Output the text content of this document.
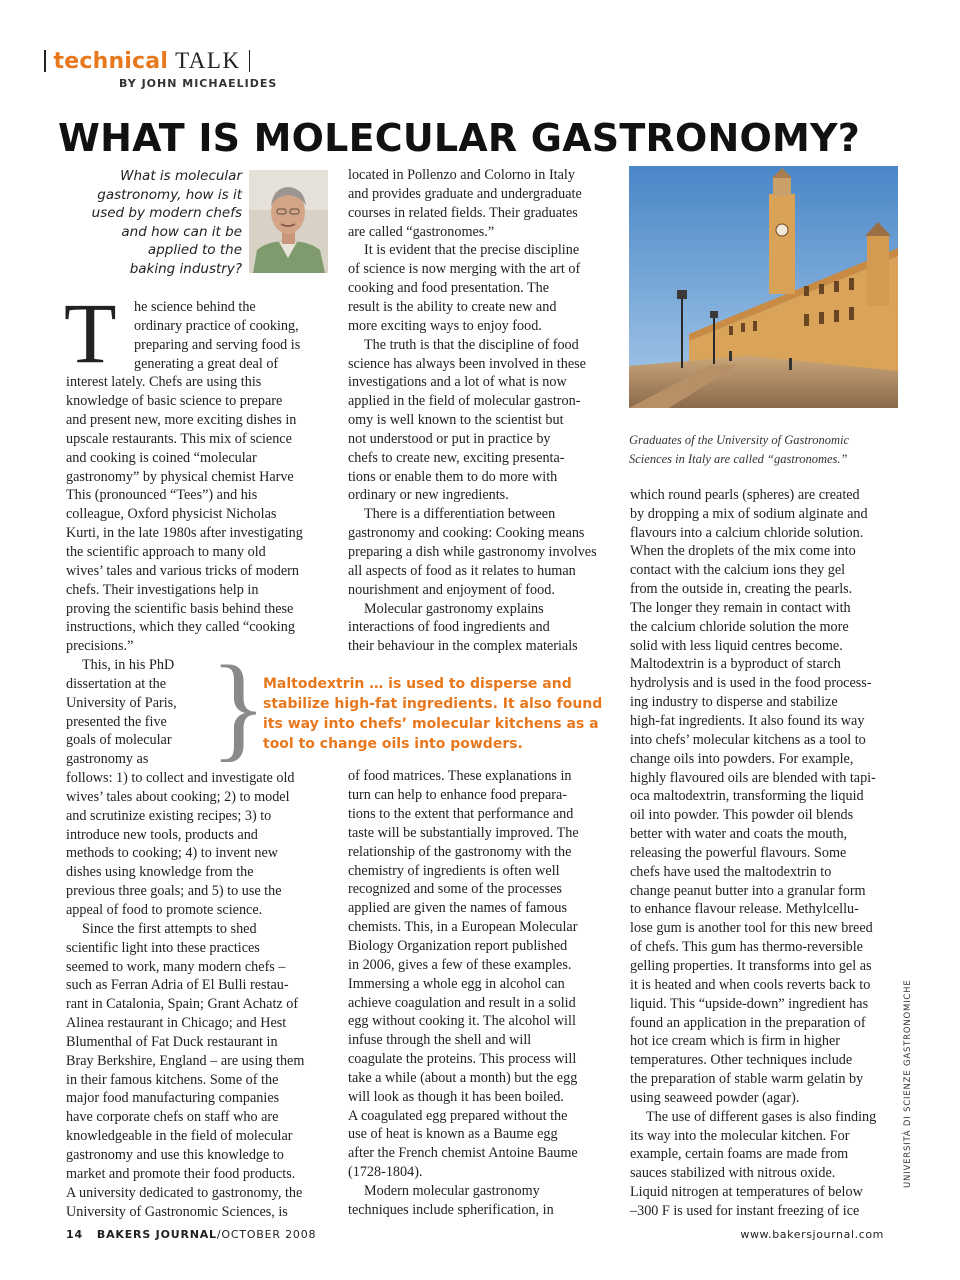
technical TALK
BY JOHN MICHAELIDES
WHAT IS MOLECULAR GASTRONOMY?
What is molecular
gastronomy, how is it
used by modern chefs
and how can it be
applied to the
baking industry?
T he science behind the
ordinary practice of cooking,
preparing and serving food is
generating a great deal of
interest lately. Chefs are using this
knowledge of basic science to prepare
and present new, more exciting dishes in
upscale restaurants. This mix of science
and cooking is coined “molecular
gastronomy” by physical chemist Harve
This (pronounced “Tees”) and his
colleague, Oxford physicist Nicholas
Kurti, in the late 1980s after investigating
the scientific approach to many old
wives’ tales and various tricks of modern
chefs. Their investigations help in
proving the scientific basis behind these
instructions, which they called “cooking
precisions.”
This, in his PhD
dissertation at the
University of Paris,
presented the five
goals of molecular
gastronomy as
follows: 1) to collect and investigate old
wives’ tales about cooking; 2) to model
and scrutinize existing recipes; 3) to
introduce new tools, products and
methods to cooking; 4) to invent new
dishes using knowledge from the
previous three goals; and 5) to use the
appeal of food to promote science.
Since the first attempts to shed
scientific light into these practices
seemed to work, many modern chefs –
such as Ferran Adria of El Bulli restau-
rant in Catalonia, Spain; Grant Achatz of
Alinea restaurant in Chicago; and Hest
Blumenthal of Fat Duck restaurant in
Bray Berkshire, England – are using them
in their famous kitchens. Some of the
major food manufacturing companies
have corporate chefs on staff who are
knowledgeable in the field of molecular
gastronomy and use this knowledge to
market and promote their food products.
A university dedicated to gastronomy, the
University of Gastronomic Sciences, is
located in Pollenzo and Colorno in Italy
and provides graduate and undergraduate
courses in related fields. Their graduates
are called “gastronomes.”
It is evident that the precise discipline
of science is now merging with the art of
cooking and food presentation. The
result is the ability to create new and
more exciting ways to enjoy food.
The truth is that the discipline of food
science has always been involved in these
investigations and a lot of what is now
applied in the field of molecular gastron-
omy is well known to the scientist but
not understood or put in practice by
chefs to create new, exciting presenta-
tions or enable them to do more with
ordinary or new ingredients.
There is a differentiation between
gastronomy and cooking: Cooking means
preparing a dish while gastronomy involves
all aspects of food as it relates to human
nourishment and enjoyment of food.
Molecular gastronomy explains
interactions of food ingredients and
their behaviour in the complex materials
}
Maltodextrin … is used to disperse and
stabilize high-fat ingredients. It also found
its way into chefs’ molecular kitchens as a
tool to change oils into powders.
of food matrices. These explanations in
turn can help to enhance food prepara-
tions to the extent that performance and
taste will be substantially improved. The
relationship of the gastronomy with the
chemistry of ingredients is often well
recognized and some of the processes
applied are given the names of famous
chemists. This, in a European Molecular
Biology Organization report published
in 2006, gives a few of these examples.
Immersing a whole egg in alcohol can
achieve coagulation and result in a solid
egg without cooking it. The alcohol will
infuse through the shell and will
coagulate the proteins. This process will
take a while (about a month) but the egg
will look as though it has been boiled.
A coagulated egg prepared without the
use of heat is known as a Baume egg
after the French chemist Antoine Baume
(1728-1804).
Modern molecular gastronomy
techniques include spherification, in
Graduates of the University of Gastronomic
Sciences in Italy are called “gastronomes.”
UNIVERSITÀ DI SCIENZE GASTRONOMICHE
which round pearls (spheres) are created
by dropping a mix of sodium alginate and
flavours into a calcium chloride solution.
When the droplets of the mix come into
contact with the calcium ions they gel
from the outside in, creating the pearls.
The longer they remain in contact with
the calcium chloride solution the more
solid with less liquid centres become.
Maltodextrin is a byproduct of starch
hydrolysis and is used in the food process-
ing industry to disperse and stabilize
high-fat ingredients. It also found its way
into chefs’ molecular kitchens as a tool to
change oils into powders. For example,
highly flavoured oils are blended with tapi-
oca maltodextrin, transforming the liquid
oil into powder. This powder oil blends
better with water and coats the mouth,
releasing the powerful flavours. Some
chefs have used the maltodextrin to
change peanut butter into a granular form
to enhance flavour release. Methylcellu-
lose gum is another tool for this new breed
of chefs. This gum has thermo-reversible
gelling properties. It transforms into gel as
it is heated and when cools reverts back to
liquid. This “upside-down” ingredient has
found an application in the preparation of
hot ice cream which is firm in higher
temperatures. Other techniques include
the preparation of stable warm gelatin by
using seaweed powder (agar).
The use of different gases is also finding
its way into the molecular kitchen. For
example, certain foams are made from
sauces stabilized with nitrous oxide.
Liquid nitrogen at temperatures of below
–300 F is used for instant freezing of ice
14 BAKERS JOURNAL/OCTOBER 2008	www.bakersjournal.com
